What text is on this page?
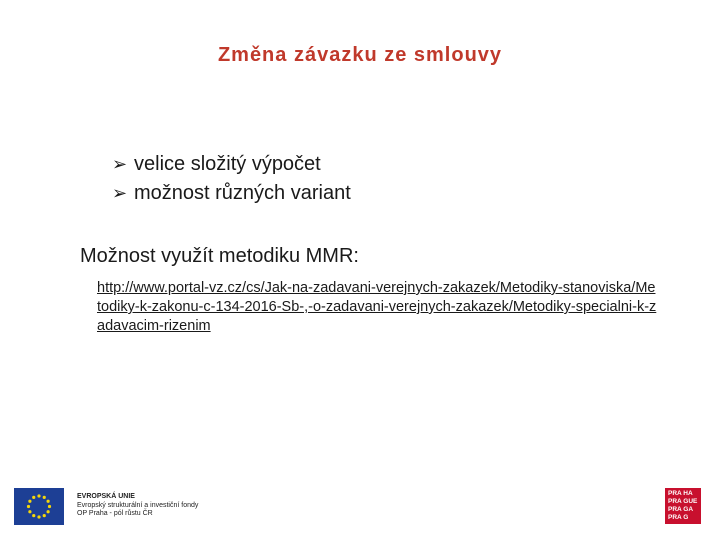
Změna závazku ze smlouvy
➢ velice složitý výpočet
➢ možnost různých variant
Možnost využít metodiku MMR:
http://www.portal-vz.cz/cs/Jak-na-zadavani-verejnych-zakazek/Metodiky-stanoviska/Metodiky-k-zakonu-c-134-2016-Sb-,-o-zadavani-verejnych-zakazek/Metodiky-specialni-k-zadavacim-rizenim
EVROPSKÁ UNIE
Evropský strukturální a investiční fondy
OP Praha - pól růstu ČR
PRA HA
PRA GUE
PRA GA
PRA G
